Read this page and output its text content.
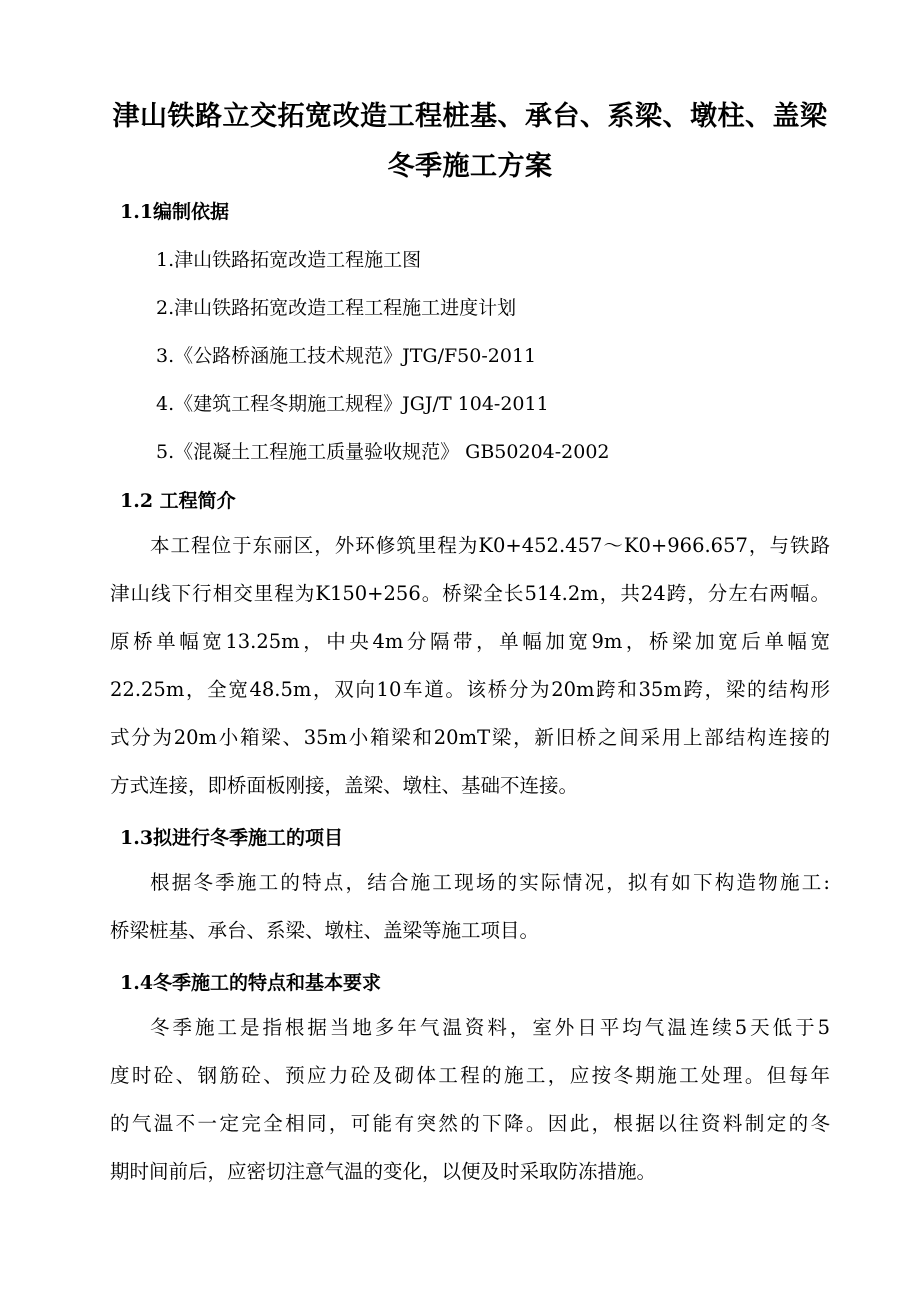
津山铁路立交拓宽改造工程桩基、承台、系梁、墩柱、盖梁
冬季施工方案
1.1编制依据
1.津山铁路拓宽改造工程施工图
2.津山铁路拓宽改造工程工程施工进度计划
3.《公路桥涵施工技术规范》JTG/F50-2011
4.《建筑工程冬期施工规程》JGJ/T 104-2011
5.《混凝土工程施工质量验收规范》 GB50204-2002
1.2 工程简介
本工程位于东丽区，外环修筑里程为K0+452.457～K0+966.657，与铁路
津山线下行相交里程为K150+256。桥梁全长514.2m，共24跨，分左右两幅。
原桥单幅宽13.25m，中央4m分隔带，单幅加宽9m，桥梁加宽后单幅宽
22.25m，全宽48.5m，双向10车道。该桥分为20m跨和35m跨，梁的结构形
式分为20m小箱梁、35m小箱梁和20mT梁，新旧桥之间采用上部结构连接的
方式连接，即桥面板刚接，盖梁、墩柱、基础不连接。
1.3拟进行冬季施工的项目
根据冬季施工的特点，结合施工现场的实际情况，拟有如下构造物施工:
桥梁桩基、承台、系梁、墩柱、盖梁等施工项目。
1.4冬季施工的特点和基本要求
冬季施工是指根据当地多年气温资料，室外日平均气温连续5天低于5
度时砼、钢筋砼、预应力砼及砌体工程的施工，应按冬期施工处理。但每年
的气温不一定完全相同，可能有突然的下降。因此，根据以往资料制定的冬
期时间前后，应密切注意气温的变化，以便及时采取防冻措施。
